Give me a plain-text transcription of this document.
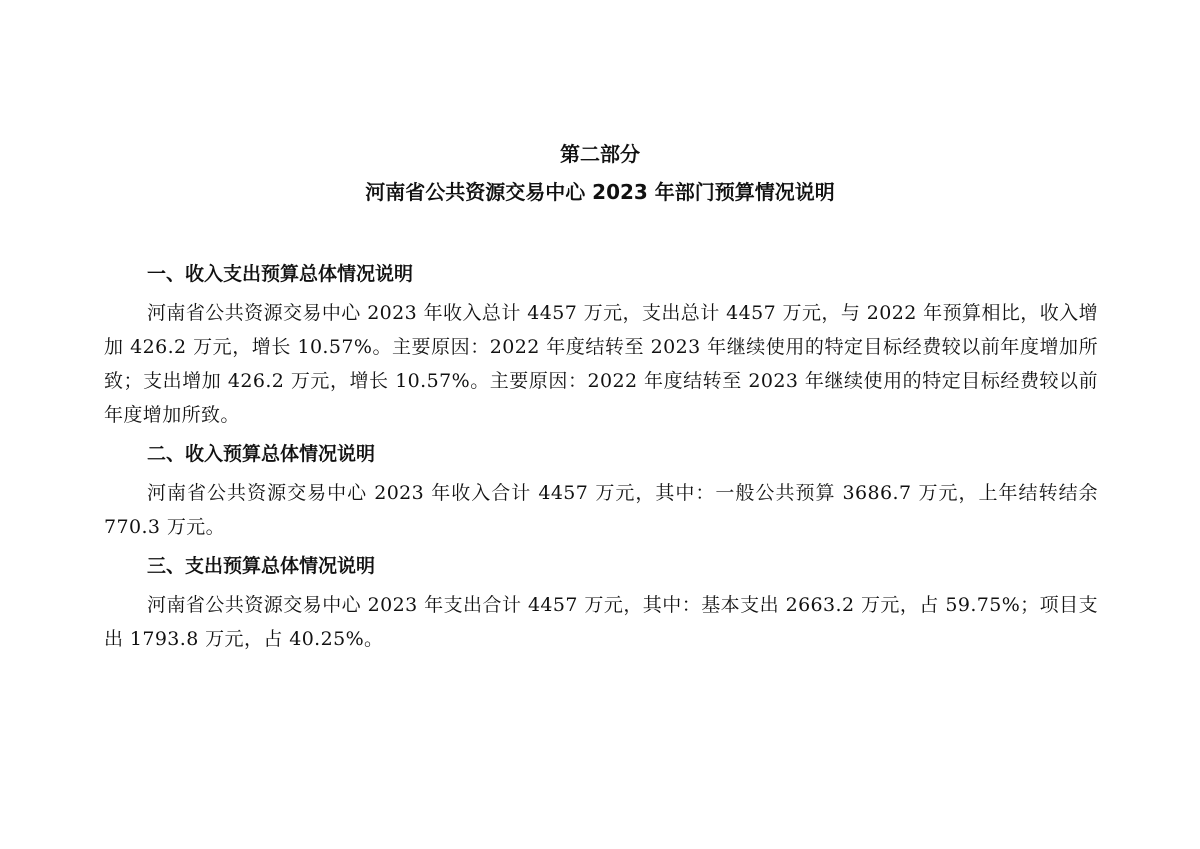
第二部分
河南省公共资源交易中心 2023 年部门预算情况说明
一、收入支出预算总体情况说明

河南省公共资源交易中心 2023 年收入总计 4457 万元，支出总计 4457 万元，与 2022 年预算相比，收入增加 426.2 万元，增长 10.57%。主要原因：2022 年度结转至 2023 年继续使用的特定目标经费较以前年度增加所致；支出增加 426.2 万元，增长 10.57%。主要原因：2022 年度结转至 2023 年继续使用的特定目标经费较以前年度增加所致。

二、收入预算总体情况说明

河南省公共资源交易中心 2023 年收入合计 4457 万元，其中：一般公共预算 3686.7 万元，上年结转结余 770.3 万元。

三、支出预算总体情况说明

河南省公共资源交易中心 2023 年支出合计 4457 万元，其中：基本支出 2663.2 万元，占 59.75%；项目支出 1793.8 万元，占 40.25%。
